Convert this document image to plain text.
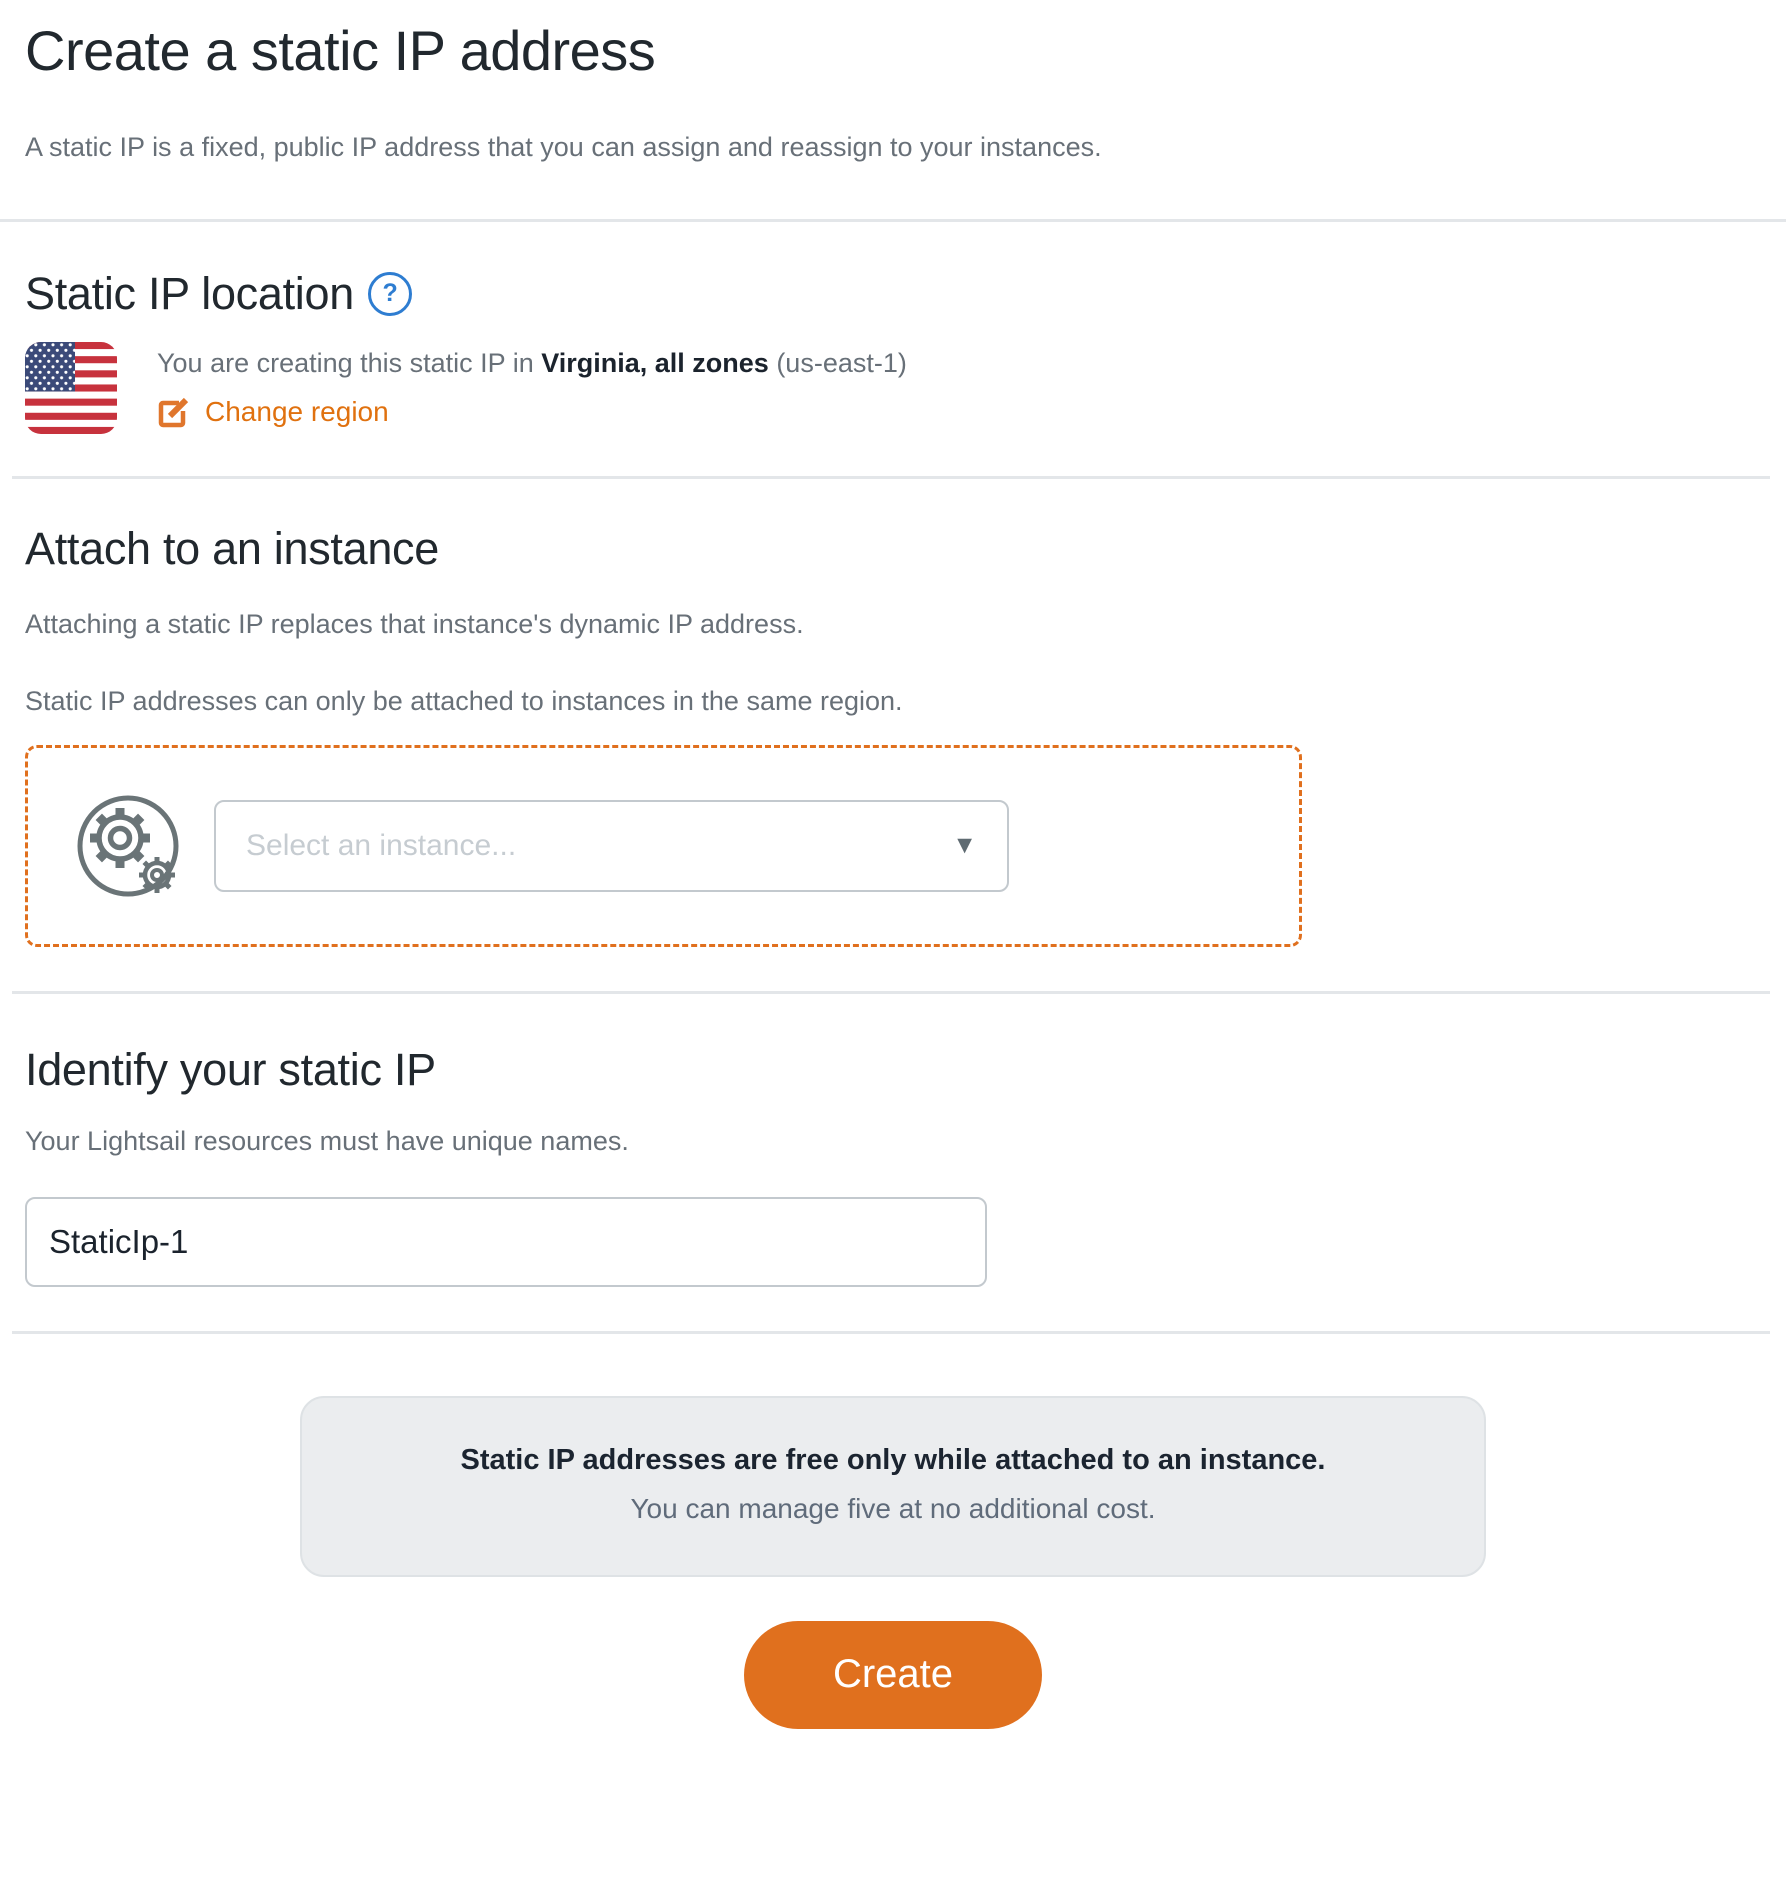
Create a static IP address

A static IP is a fixed, public IP address that you can assign and reassign to your instances.

Static IP location	?
You are creating this static IP in Virginia, all zones (us-east-1)
Change region
Attach to an instance

Attaching a static IP replaces that instance's dynamic IP address.

Static IP addresses can only be attached to instances in the same region.

Select an instance...	▼
Identify your static IP

Your Lightsail resources must have unique names.

StaticIp-1
Static IP addresses are free only while attached to an instance.
You can manage five at no additional cost.
Create
